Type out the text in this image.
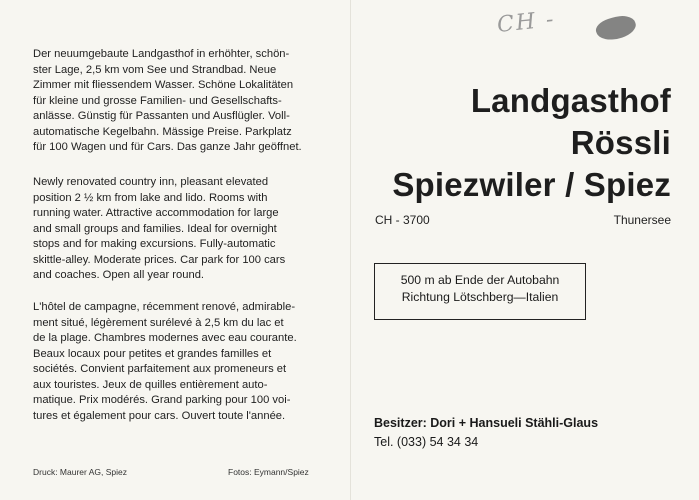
Der neuumgebaute Landgasthof in erhöhter, schön-
ster Lage, 2,5 km vom See und Strandbad. Neue
Zimmer mit fliessendem Wasser. Schöne Lokalitäten
für kleine und grosse Familien- und Gesellschafts-
anlässe. Günstig für Passanten und Ausflügler. Voll-
automatische Kegelbahn. Mässige Preise. Parkplatz
für 100 Wagen und für Cars. Das ganze Jahr geöffnet.

Newly renovated country inn, pleasant elevated
position 2 ½ km from lake and lido. Rooms with
running water. Attractive accommodation for large
and small groups and families. Ideal for overnight
stops and for making excursions. Fully-automatic
skittle-alley. Moderate prices. Car park for 100 cars
and coaches. Open all year round.

L'hôtel de campagne, récemment renové, admirable-
ment situé, légèrement surélevé à 2,5 km du lac et
de la plage. Chambres modernes avec eau courante.
Beaux locaux pour petites et grandes familles et
sociétés. Convient parfaitement aux promeneurs et
aux touristes. Jeux de quilles entièrement auto-
matique. Prix modérés. Grand parking pour 100 voi-
tures et également pour cars. Ouvert toute l'année.

Druck: Maurer AG, Spiez	Fotos: Eymann/Spiez
CH -
Landgasthof
Rössli
Spiezwiler / Spiez
CH - 3700	Thunersee
500 m ab Ende der Autobahn
Richtung Lötschberg—Italien
Besitzer: Dori + Hansueli Stähli-Glaus
Tel. (033) 54 34 34
